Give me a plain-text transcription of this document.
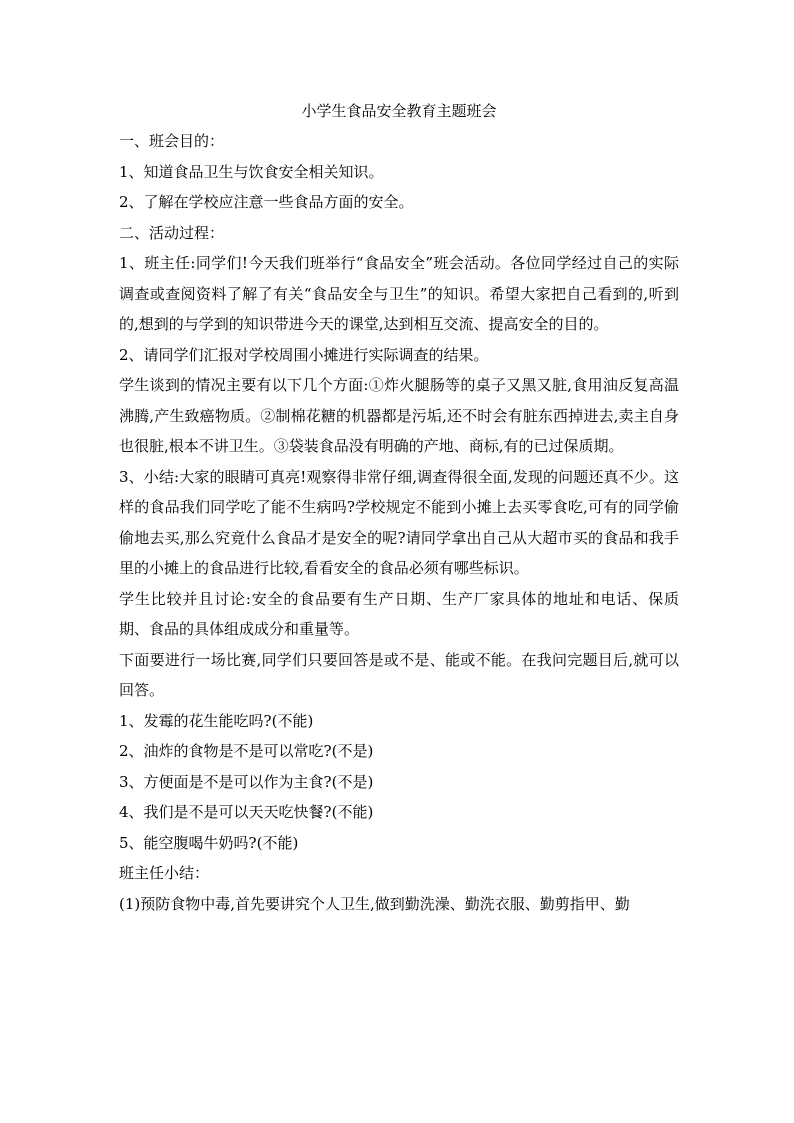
小学生食品安全教育主题班会

一、班会目的：

1、知道食品卫生与饮食安全相关知识。

2、了解在学校应注意一些食品方面的安全。

二、活动过程：

1、班主任:同学们!今天我们班举行“食品安全”班会活动。各位同学经过自己的实际调查或查阅资料了解了有关“食品安全与卫生”的知识。希望大家把自己看到的,听到的,想到的与学到的知识带进今天的课堂,达到相互交流、提高安全的目的。

2、请同学们汇报对学校周围小摊进行实际调查的结果。

学生谈到的情况主要有以下几个方面:①炸火腿肠等的桌子又黑又脏,食用油反复高温沸腾,产生致癌物质。②制棉花糖的机器都是污垢,还不时会有脏东西掉进去,卖主自身也很脏,根本不讲卫生。③袋装食品没有明确的产地、商标,有的已过保质期。

3、小结:大家的眼睛可真亮!观察得非常仔细,调查得很全面,发现的问题还真不少。这样的食品我们同学吃了能不生病吗?学校规定不能到小摊上去买零食吃,可有的同学偷偷地去买,那么究竟什么食品才是安全的呢?请同学拿出自己从大超市买的食品和我手里的小摊上的食品进行比较,看看安全的食品必须有哪些标识。

学生比较并且讨论:安全的食品要有生产日期、生产厂家具体的地址和电话、保质期、食品的具体组成成分和重量等。

下面要进行一场比赛,同学们只要回答是或不是、能或不能。在我问完题目后,就可以回答。

1、发霉的花生能吃吗?(不能)

2、油炸的食物是不是可以常吃?(不是)

3、方便面是不是可以作为主食?(不是)

4、我们是不是可以天天吃快餐?(不能)

5、能空腹喝牛奶吗?(不能)

班主任小结：

(1)预防食物中毒,首先要讲究个人卫生,做到勤洗澡、勤洗衣服、勤剪指甲、勤
